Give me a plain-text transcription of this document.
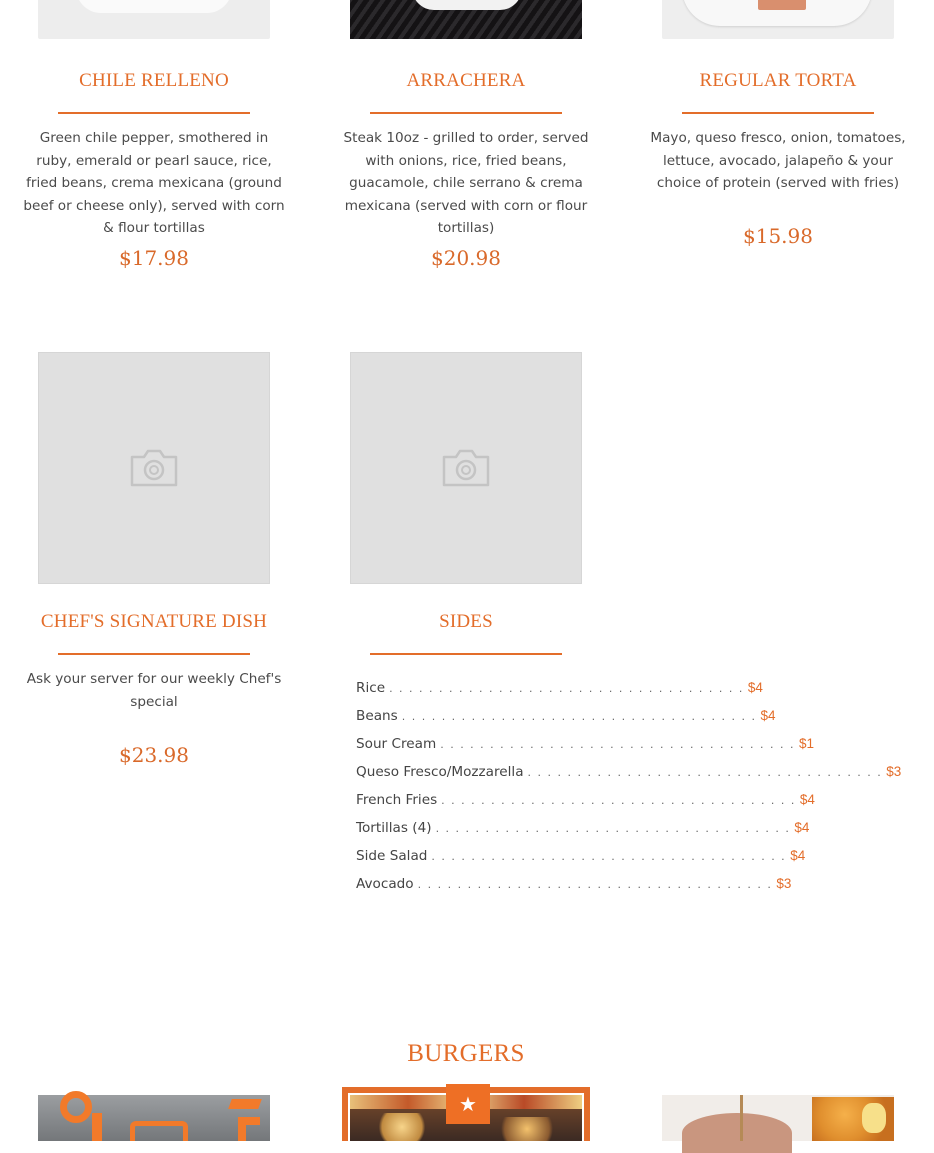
CHILE RELLENO
Green chile pepper, smothered in ruby, emerald or pearl sauce, rice, fried beans, crema mexicana (ground beef or cheese only), served with corn & flour tortillas
$17.98
ARRACHERA
Steak 10oz - grilled to order, served with onions, rice, fried beans, guacamole, chile serrano & crema mexicana (served with corn or flour tortillas)
$20.98
REGULAR TORTA
Mayo, queso fresco, onion, tomatoes, lettuce, avocado, jalapeño & your choice of protein (served with fries)
$15.98
CHEF'S SIGNATURE DISH
Ask your server for our weekly Chef's special
$23.98
SIDES
Rice . . . . . . . . . . . . . . . . . . . . . . . . . . . . . . . . . . . . $4
Beans . . . . . . . . . . . . . . . . . . . . . . . . . . . . . . . . . . . . $4
Sour Cream . . . . . . . . . . . . . . . . . . . . . . . . . . . . . . . . . . . . $1
Queso Fresco/Mozzarella . . . . . . . . . . . . . . . . . . . . . . . . . . . . . . . . . . . . $3
French Fries . . . . . . . . . . . . . . . . . . . . . . . . . . . . . . . . . . . . $4
Tortillas (4) . . . . . . . . . . . . . . . . . . . . . . . . . . . . . . . . . . . . $4
Side Salad . . . . . . . . . . . . . . . . . . . . . . . . . . . . . . . . . . . . $4
Avocado . . . . . . . . . . . . . . . . . . . . . . . . . . . . . . . . . . . . $3
BURGERS
★
